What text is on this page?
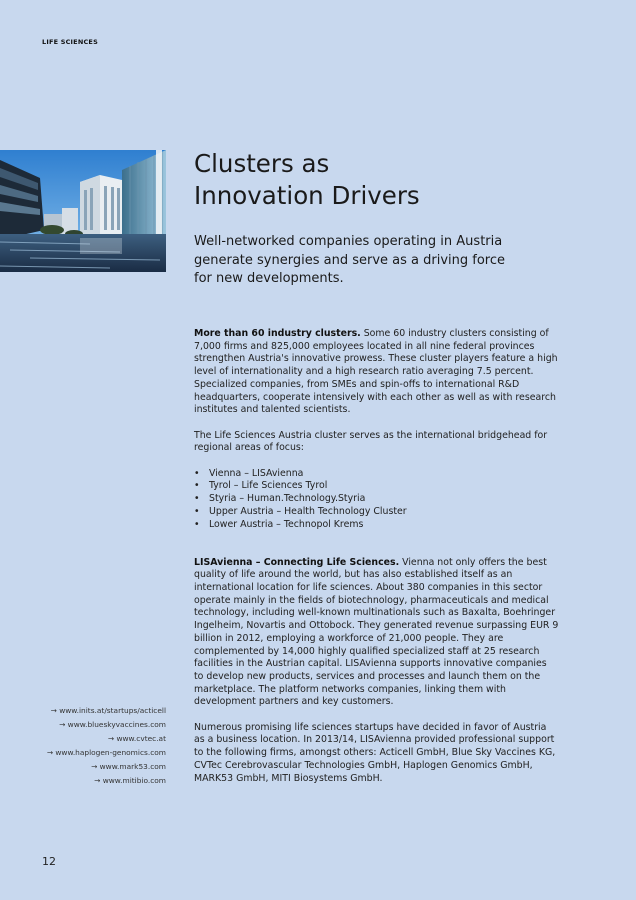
LIFE SCIENCES
Clusters as
Innovation Drivers

Well-networked companies operating in Austria generate synergies and serve as a driving force for new developments.

More than 60 industry clusters. Some 60 industry clusters consisting of 7,000 firms and 825,000 employees located in all nine federal provinces strengthen Austria's innovative prowess. These cluster players feature a high level of internationality and a high research ratio averaging 7.5 percent. Specialized companies, from SMEs and spin-offs to international R&D headquarters, cooperate intensively with each other as well as with research institutes and talented scientists.

The Life Sciences Austria cluster serves as the international bridgehead for regional areas of focus:

• Vienna – LISAvienna
• Tyrol – Life Sciences Tyrol
• Styria – Human.Technology.Styria
• Upper Austria – Health Technology Cluster
• Lower Austria – Technopol Krems

LISAvienna – Connecting Life Sciences. Vienna not only offers the best quality of life around the world, but has also established itself as an international location for life sciences. About 380 companies in this sector operate mainly in the fields of biotechnology, pharmaceuticals and medical technology, including well-known multinationals such as Baxalta, Boehringer Ingelheim, Novartis and Ottobock. They generated revenue surpassing EUR 9 billion in 2012, employing a workforce of 21,000 people. They are complemented by 14,000 highly qualified specialized staff at 25 research facilities in the Austrian capital. LISAvienna supports innovative companies to develop new products, services and processes and launch them on the marketplace. The platform networks companies, linking them with development partners and key customers.

Numerous promising life sciences startups have decided in favor of Austria as a business location. In 2013/14, LISAvienna provided professional support to the following firms, amongst others: Acticell GmbH, Blue Sky Vaccines KG, CVTec Cerebrovascular Technologies GmbH, Haplogen Genomics GmbH, MARK53 GmbH, MITI Biosystems GmbH.

→ www.inits.at/startups/acticell
→ www.blueskyvaccines.com
→ www.cvtec.at
→ www.haplogen-genomics.com
→ www.mark53.com
→ www.mitibio.com
12
